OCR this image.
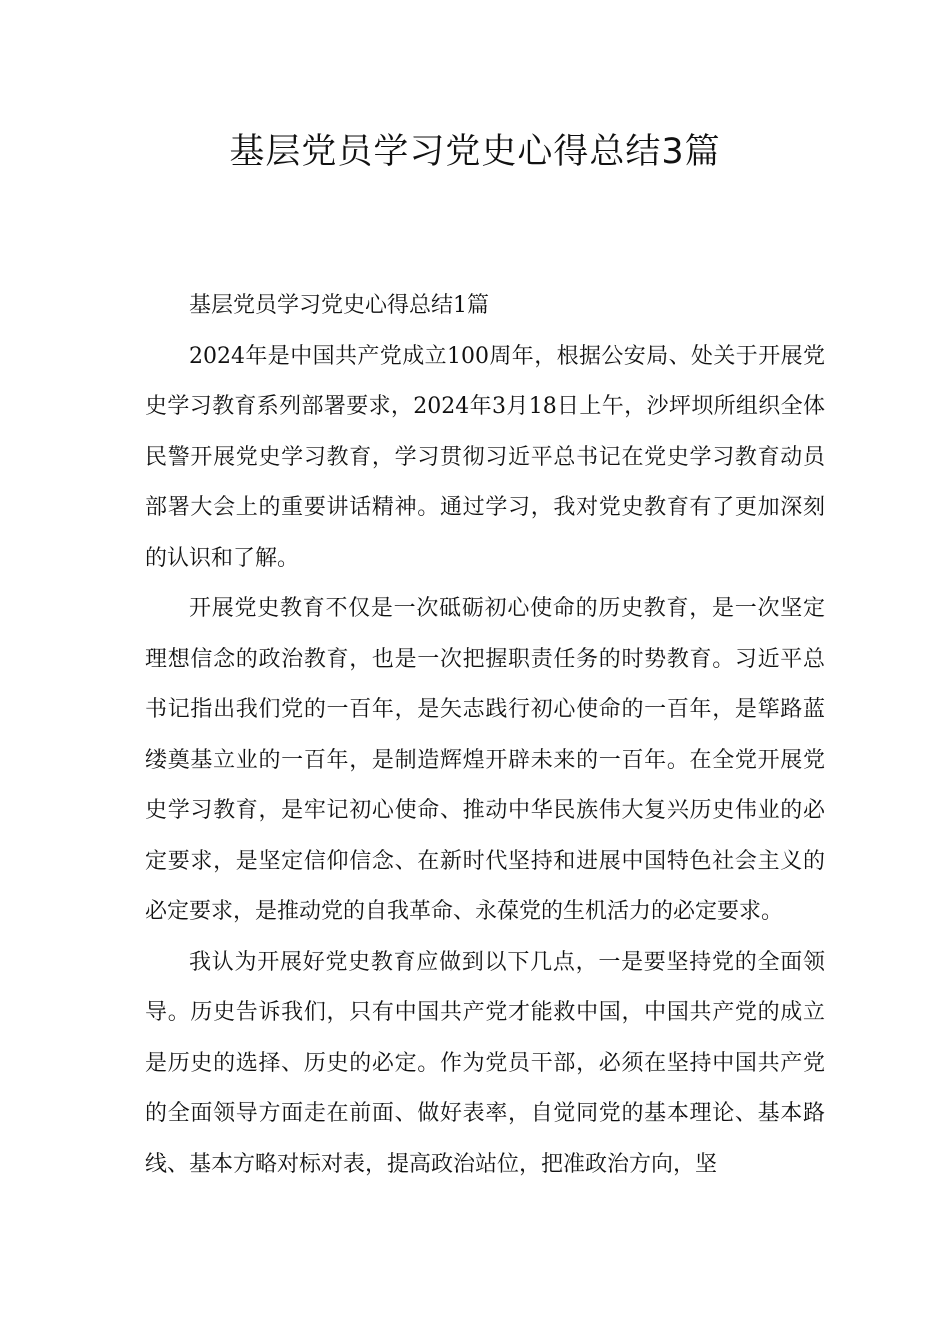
基层党员学习党史心得总结3篇

基层党员学习党史心得总结1篇

2024年是中国共产党成立100周年，根据公安局、处关于开展党史学习教育系列部署要求，2024年3月18日上午，沙坪坝所组织全体民警开展党史学习教育，学习贯彻习近平总书记在党史学习教育动员部署大会上的重要讲话精神。通过学习，我对党史教育有了更加深刻的认识和了解。

开展党史教育不仅是一次砥砺初心使命的历史教育，是一次坚定理想信念的政治教育，也是一次把握职责任务的时势教育。习近平总书记指出我们党的一百年，是矢志践行初心使命的一百年，是筚路蓝缕奠基立业的一百年，是制造辉煌开辟未来的一百年。在全党开展党史学习教育，是牢记初心使命、推动中华民族伟大复兴历史伟业的必定要求，是坚定信仰信念、在新时代坚持和进展中国特色社会主义的必定要求，是推动党的自我革命、永葆党的生机活力的必定要求。

我认为开展好党史教育应做到以下几点，一是要坚持党的全面领导。历史告诉我们，只有中国共产党才能救中国，中国共产党的成立是历史的选择、历史的必定。作为党员干部，必须在坚持中国共产党的全面领导方面走在前面、做好表率，自觉同党的基本理论、基本路线、基本方略对标对表，提高政治站位，把准政治方向，坚
